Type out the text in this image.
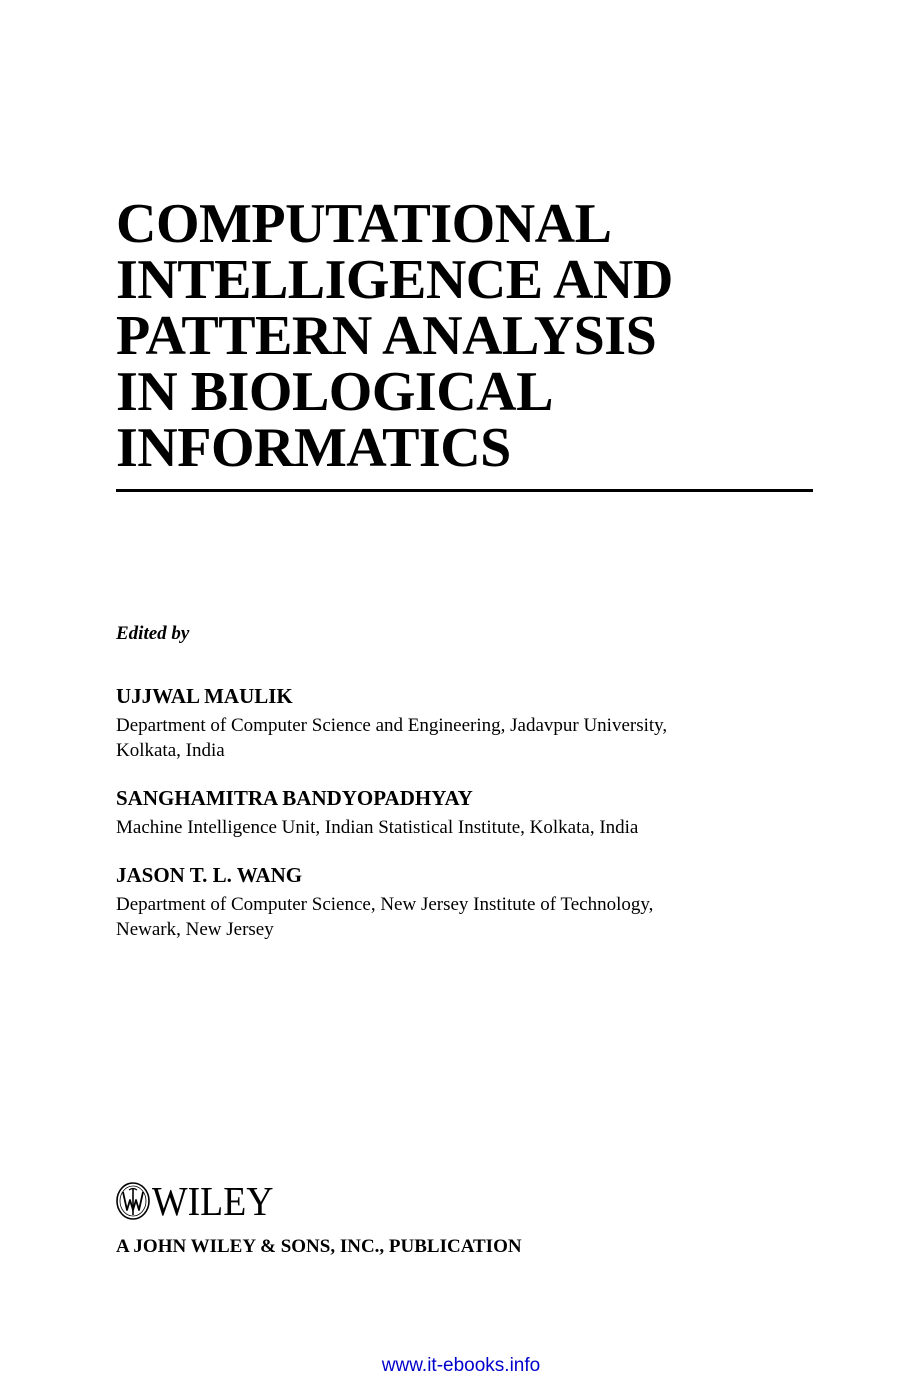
COMPUTATIONAL
INTELLIGENCE AND
PATTERN ANALYSIS
IN BIOLOGICAL
INFORMATICS
Edited by
UJJWAL MAULIK
Department of Computer Science and Engineering, Jadavpur University,
Kolkata, India
SANGHAMITRA BANDYOPADHYAY
Machine Intelligence Unit, Indian Statistical Institute, Kolkata, India
JASON T. L. WANG
Department of Computer Science, New Jersey Institute of Technology,
Newark, New Jersey
WILEY
A JOHN WILEY & SONS, INC., PUBLICATION
www.it-ebooks.info
